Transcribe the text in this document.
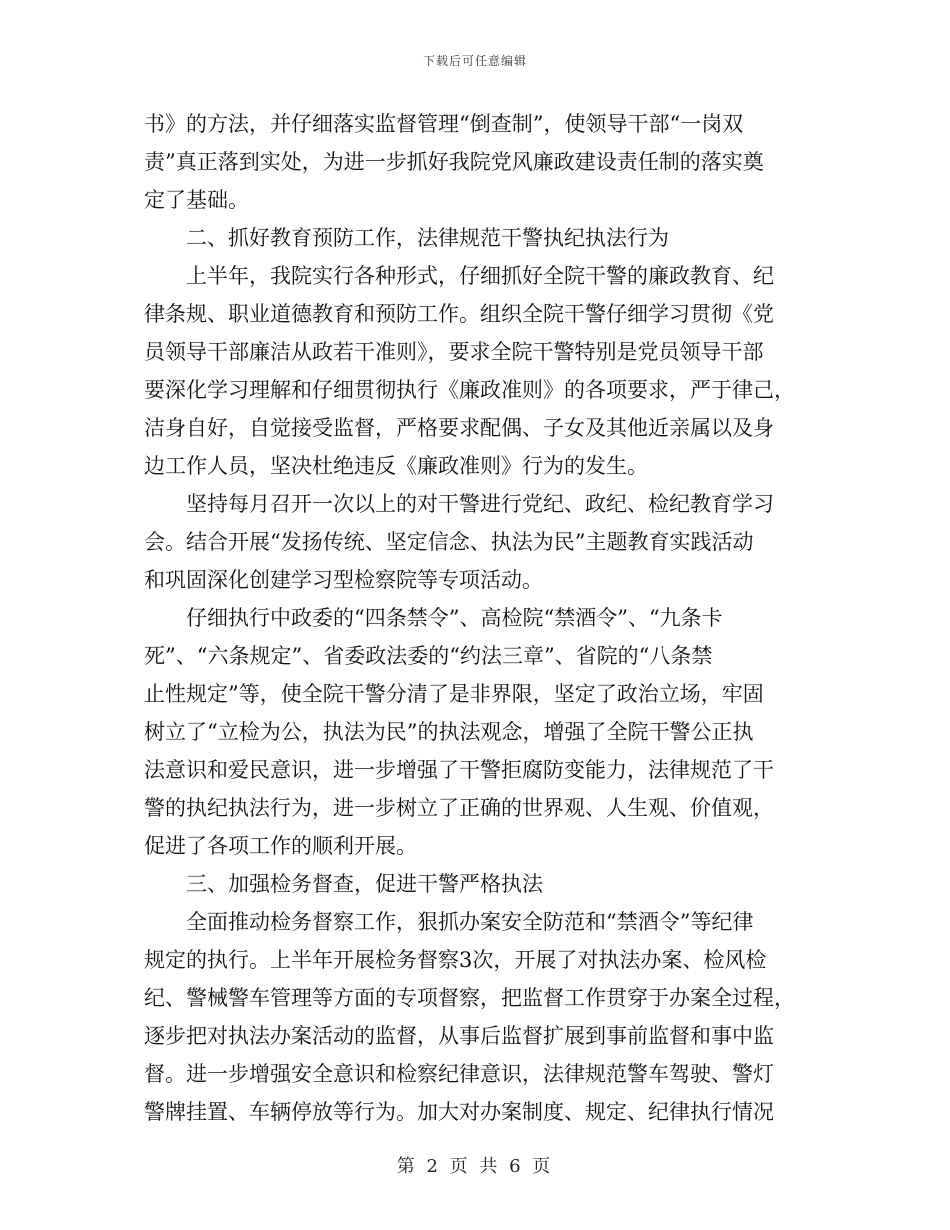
下载后可任意编辑
书》的方法，并仔细落实监督管理“倒查制”，使领导干部“一岗双
责”真正落到实处，为进一步抓好我院党风廉政建设责任制的落实奠
定了基础。
二、抓好教育预防工作，法律规范干警执纪执法行为
上半年，我院实行各种形式，仔细抓好全院干警的廉政教育、纪
律条规、职业道德教育和预防工作。组织全院干警仔细学习贯彻《党
员领导干部廉洁从政若干准则》，要求全院干警特别是党员领导干部
要深化学习理解和仔细贯彻执行《廉政准则》的各项要求，严于律己，
洁身自好，自觉接受监督，严格要求配偶、子女及其他近亲属以及身
边工作人员，坚决杜绝违反《廉政准则》行为的发生。
坚持每月召开一次以上的对干警进行党纪、政纪、检纪教育学习
会。结合开展“发扬传统、坚定信念、执法为民”主题教育实践活动
和巩固深化创建学习型检察院等专项活动。
仔细执行中政委的“四条禁令”、高检院“禁酒令”、“九条卡
死”、“六条规定”、省委政法委的“约法三章”、省院的“八条禁
止性规定”等，使全院干警分清了是非界限，坚定了政治立场，牢固
树立了“立检为公，执法为民”的执法观念，增强了全院干警公正执
法意识和爱民意识，进一步增强了干警拒腐防变能力，法律规范了干
警的执纪执法行为，进一步树立了正确的世界观、人生观、价值观，
促进了各项工作的顺利开展。
三、加强检务督查，促进干警严格执法
全面推动检务督察工作，狠抓办案安全防范和“禁酒令”等纪律
规定的执行。上半年开展检务督察3次，开展了对执法办案、检风检
纪、警械警车管理等方面的专项督察，把监督工作贯穿于办案全过程，
逐步把对执法办案活动的监督，从事后监督扩展到事前监督和事中监
督。进一步增强安全意识和检察纪律意识，法律规范警车驾驶、警灯
警牌挂置、车辆停放等行为。加大对办案制度、规定、纪律执行情况
第 2 页 共 6 页
